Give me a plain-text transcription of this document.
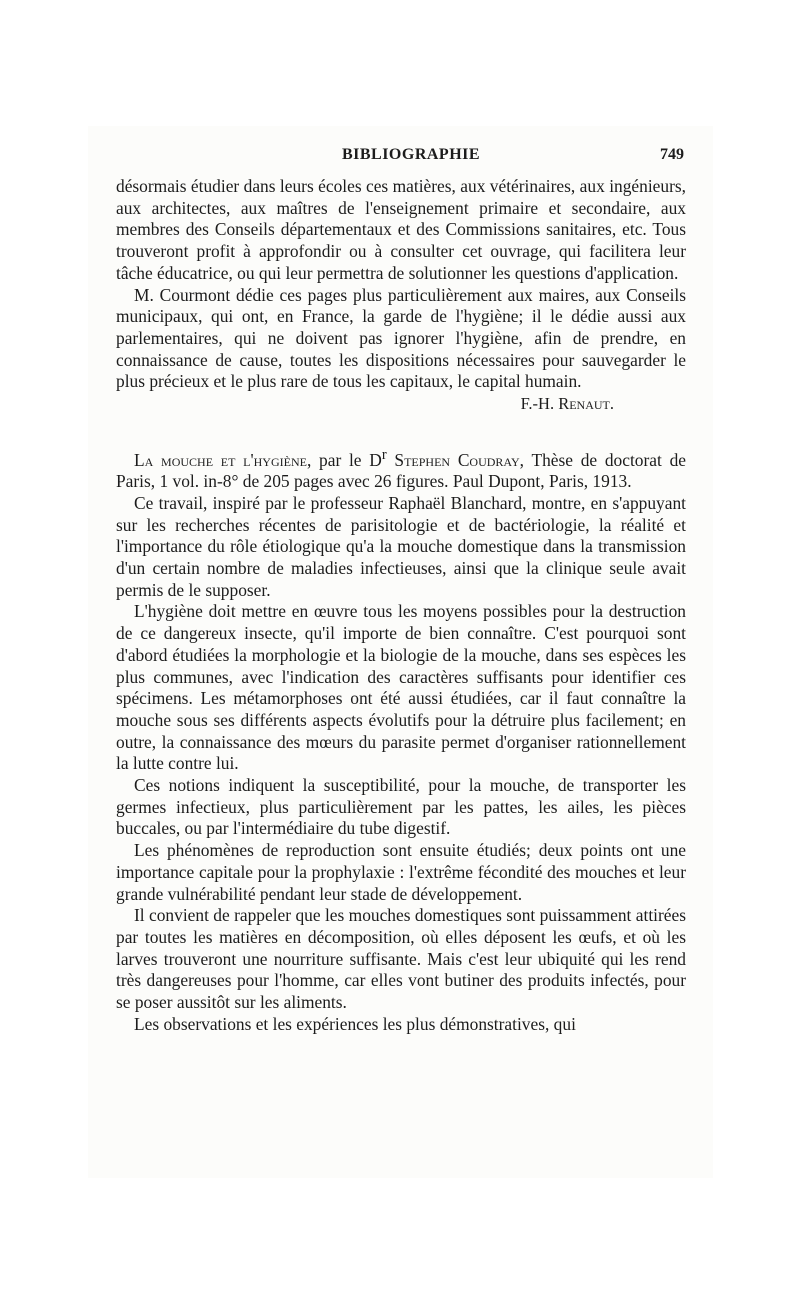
BIBLIOGRAPHIE	749

désormais étudier dans leurs écoles ces matières, aux vétérinaires, aux ingénieurs, aux architectes, aux maîtres de l'enseignement primaire et secondaire, aux membres des Conseils départementaux et des Commissions sanitaires, etc. Tous trouveront profit à approfondir ou à consulter cet ouvrage, qui facilitera leur tâche éducatrice, ou qui leur permettra de solutionner les questions d'application.

M. Courmont dédie ces pages plus particulièrement aux maires, aux Conseils municipaux, qui ont, en France, la garde de l'hygiène; il le dédie aussi aux parlementaires, qui ne doivent pas ignorer l'hygiène, afin de prendre, en connaissance de cause, toutes les dispositions nécessaires pour sauvegarder le plus précieux et le plus rare de tous les capitaux, le capital humain.

F.-H. Renaut.

La mouche et l'hygiène, par le $D^r$ Stephen Coudray, Thèse de doctorat de Paris, 1 vol. in-8° de 205 pages avec 26 figures. Paul Dupont, Paris, 1913.

Ce travail, inspiré par le professeur Raphaël Blanchard, montre, en s'appuyant sur les recherches récentes de parisitologie et de bactériologie, la réalité et l'importance du rôle étiologique qu'a la mouche domestique dans la transmission d'un certain nombre de maladies infectieuses, ainsi que la clinique seule avait permis de le supposer.

L'hygiène doit mettre en œuvre tous les moyens possibles pour la destruction de ce dangereux insecte, qu'il importe de bien connaître. C'est pourquoi sont d'abord étudiées la morphologie et la biologie de la mouche, dans ses espèces les plus communes, avec l'indication des caractères suffisants pour identifier ces spécimens. Les métamorphoses ont été aussi étudiées, car il faut connaître la mouche sous ses différents aspects évolutifs pour la détruire plus facilement; en outre, la connaissance des mœurs du parasite permet d'organiser rationnellement la lutte contre lui.

Ces notions indiquent la susceptibilité, pour la mouche, de transporter les germes infectieux, plus particulièrement par les pattes, les ailes, les pièces buccales, ou par l'intermédiaire du tube digestif.

Les phénomènes de reproduction sont ensuite étudiés; deux points ont une importance capitale pour la prophylaxie : l'extrême fécondité des mouches et leur grande vulnérabilité pendant leur stade de développement.

Il convient de rappeler que les mouches domestiques sont puissamment attirées par toutes les matières en décomposition, où elles déposent les œufs, et où les larves trouveront une nourriture suffisante. Mais c'est leur ubiquité qui les rend très dangereuses pour l'homme, car elles vont butiner des produits infectés, pour se poser aussitôt sur les aliments.

Les observations et les expériences les plus démonstratives, qui
